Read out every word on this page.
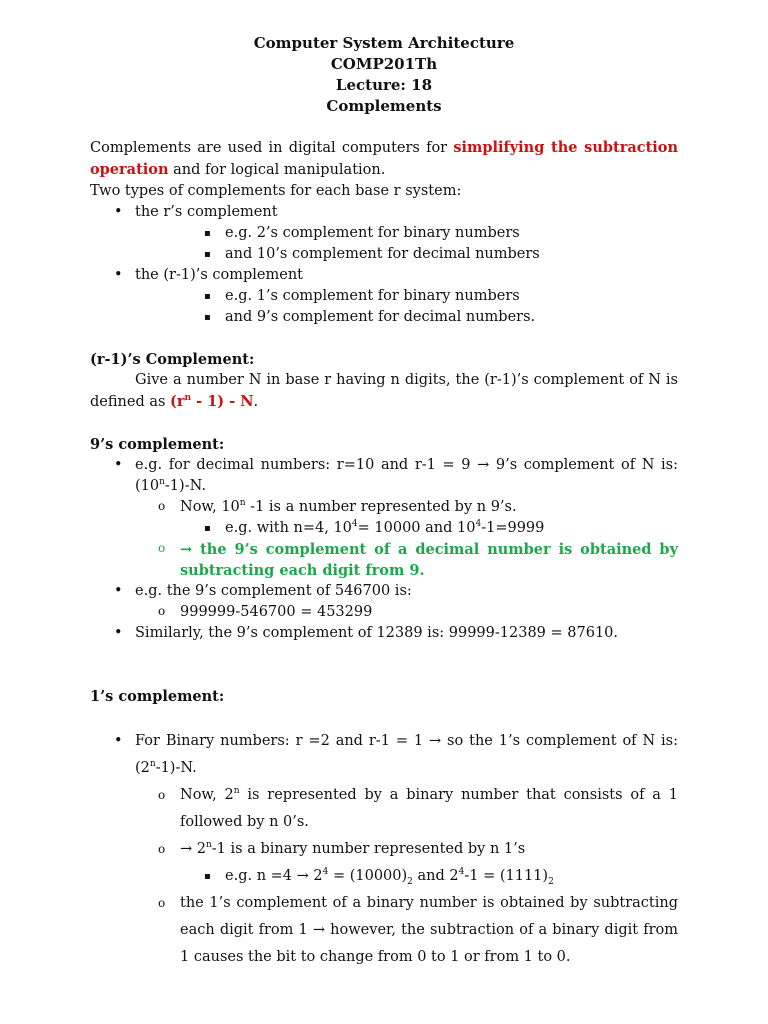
Computer System Architecture
COMP201Th
Lecture: 18
Complements

Complements are used in digital computers for simplifying the subtraction operation and for logical manipulation.

Two types of complements for each base r system:

• the r’s complement
▪ e.g. 2’s complement for binary numbers
▪ and 10’s complement for decimal numbers
• the (r-1)’s complement
▪ e.g. 1’s complement for binary numbers
▪ and 9’s complement for decimal numbers.

(r-1)’s Complement:

Give a number N in base r having n digits, the (r-1)’s complement of N is defined as $(r^n - 1)$ - N.

9’s complement:

• e.g. for decimal numbers: r=10 and r-1 = 9 → 9’s complement of N is: (10$^n$-1)-N.
o Now, 10$^n$ -1 is a number represented by n 9’s.
▪ e.g. with n=4, $10^4= 10000$ and $10^4-1=9999$
o → the 9’s complement of a decimal number is obtained by subtracting each digit from 9.
• e.g. the 9’s complement of 546700 is:
o 999999-546700 = 453299
• Similarly, the 9’s complement of 12389 is: 99999-12389 = 87610.

1’s complement:

• For Binary numbers: r =2 and r-1 = 1 → so the 1’s complement of N is: (2$^n$-1)-N.
o Now, 2$^n$ is represented by a binary number that consists of a 1 followed by n 0’s.
$o \to 2^n-1$ is a binary number represented by n 1’s
▪ e.g. $n =4 \to 2^4 = (10000)_2$ and $2^4-1 = (1111)_2$
o the 1’s complement of a binary number is obtained by subtracting each digit from 1 → however, the subtraction of a binary digit from 1 causes the bit to change from 0 to 1 or from 1 to 0.
